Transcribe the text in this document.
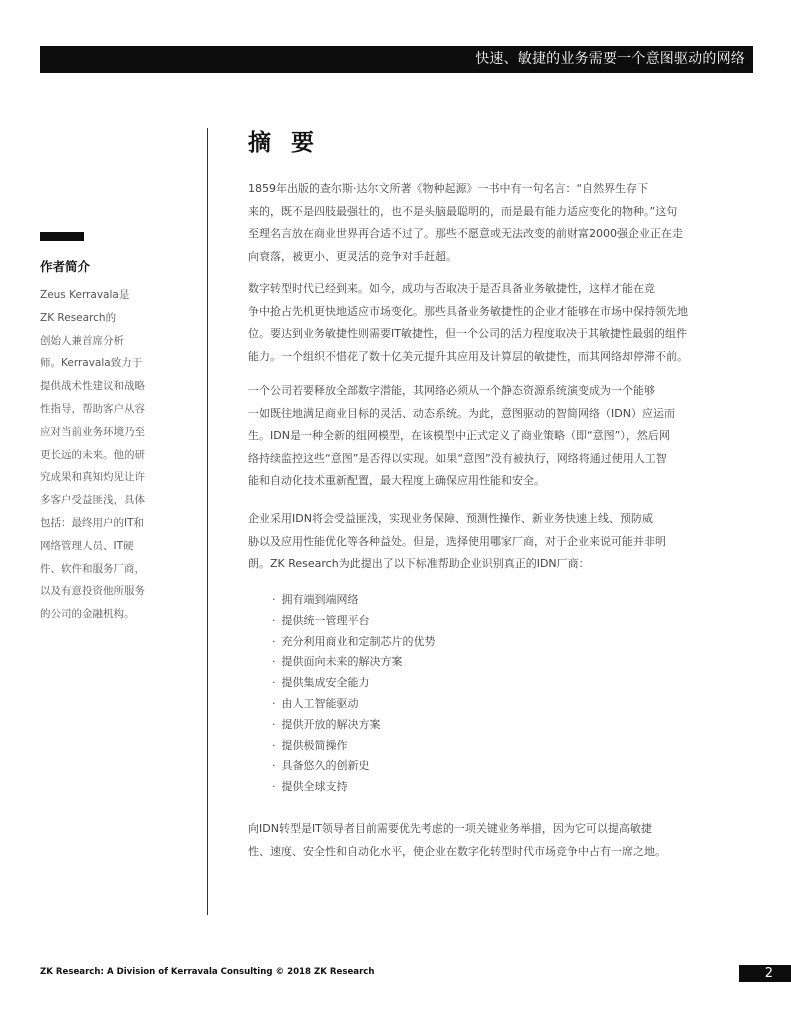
快速、敏捷的业务需要一个意图驱动的网络
作者简介
Zeus Kerravala是
ZK Research的
创始人兼首席分析
师。Kerravala致力于
提供战术性建议和战略
性指导，帮助客户从容
应对当前业务环境乃至
更长远的未来。他的研
究成果和真知灼见让许
多客户受益匪浅，具体
包括：最终用户的IT和
网络管理人员、IT硬
件、软件和服务厂商，
以及有意投资他所服务
的公司的金融机构。
摘 要
1859年出版的查尔斯·达尔文所著《物种起源》一书中有一句名言：“自然界生存下
来的，既不是四肢最强壮的，也不是头脑最聪明的，而是最有能力适应变化的物种。”这句
至理名言放在商业世界再合适不过了。那些不愿意或无法改变的前财富2000强企业正在走
向衰落，被更小、更灵活的竞争对手赶超。
数字转型时代已经到来。如今，成功与否取决于是否具备业务敏捷性，这样才能在竞
争中抢占先机更快地适应市场变化。那些具备业务敏捷性的企业才能够在市场中保持领先地
位。要达到业务敏捷性则需要IT敏捷性，但一个公司的活力程度取决于其敏捷性最弱的组件
能力。一个组织不惜花了数十亿美元提升其应用及计算层的敏捷性，而其网络却停滞不前。
一个公司若要释放全部数字潜能，其网络必须从一个静态资源系统演变成为一个能够
一如既往地满足商业目标的灵活、动态系统。为此，意图驱动的智简网络（IDN）应运而
生。IDN是一种全新的组网模型，在该模型中正式定义了商业策略（即“意图”），然后网
络持续监控这些“意图”是否得以实现。如果“意图”没有被执行，网络将通过使用人工智
能和自动化技术重新配置，最大程度上确保应用性能和安全。
企业采用IDN将会受益匪浅，实现业务保障、预测性操作、新业务快速上线、预防威
胁以及应用性能优化等各种益处。但是，选择使用哪家厂商，对于企业来说可能并非明
朗。ZK Research为此提出了以下标准帮助企业识别真正的IDN厂商：
· 拥有端到端网络
· 提供统一管理平台
· 充分利用商业和定制芯片的优势
· 提供面向未来的解决方案
· 提供集成安全能力
· 由人工智能驱动
· 提供开放的解决方案
· 提供极简操作
· 具备悠久的创新史
· 提供全球支持
向IDN转型是IT领导者目前需要优先考虑的一项关键业务举措，因为它可以提高敏捷
性、速度、安全性和自动化水平，使企业在数字化转型时代市场竞争中占有一席之地。
ZK Research: A Division of Kerravala Consulting © 2018 ZK Research	2
